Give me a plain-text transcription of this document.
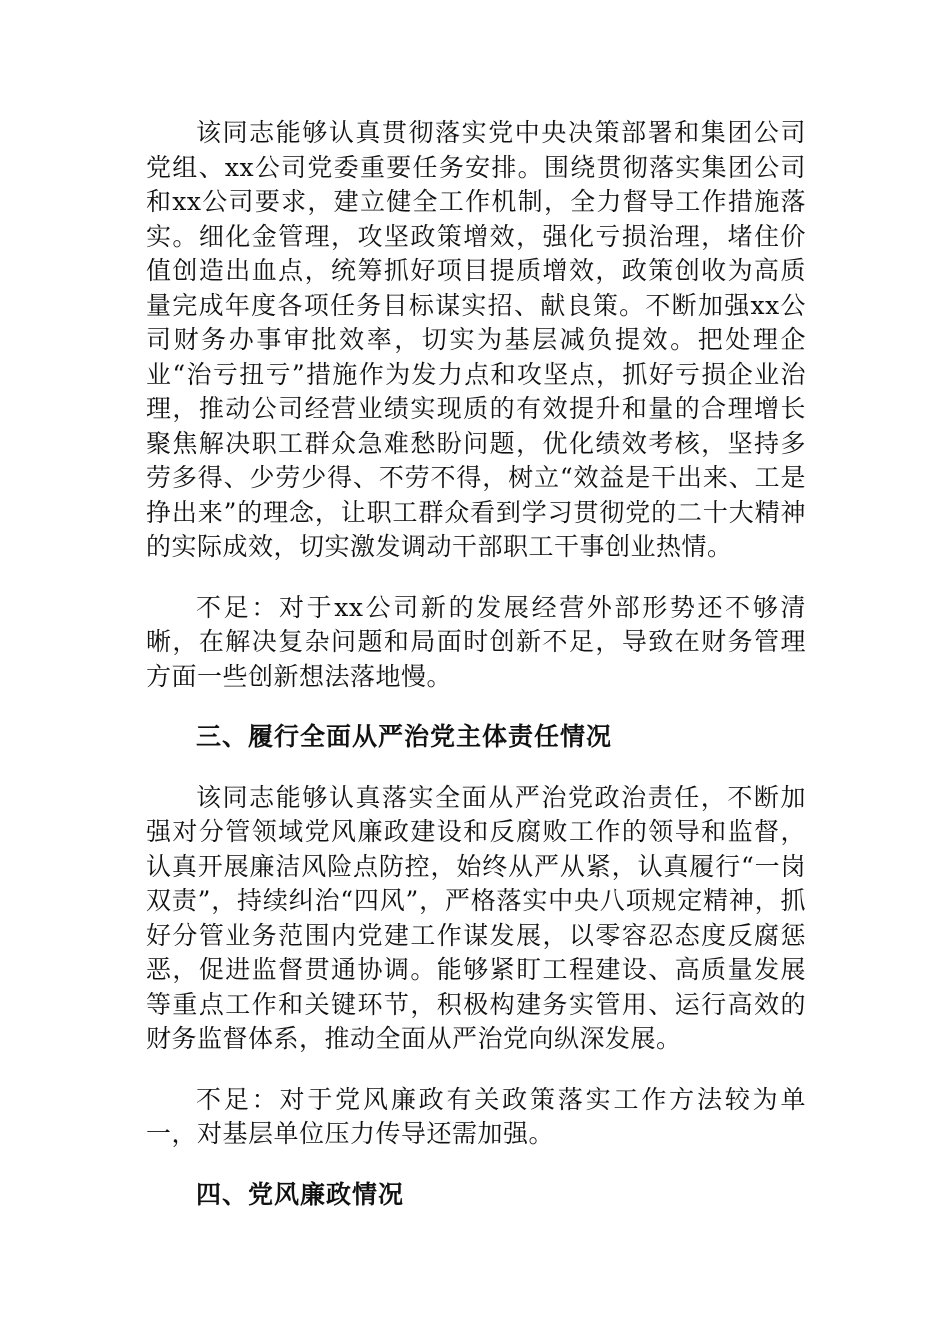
该同志能够认真贯彻落实党中央决策部署和集团公司党组、xx公司党委重要任务安排。围绕贯彻落实集团公司和xx公司要求，建立健全工作机制，全力督导工作措施落实。细化金管理，攻坚政策增效，强化亏损治理，堵住价值创造出血点，统筹抓好项目提质增效，政策创收为高质量完成年度各项任务目标谋实招、献良策。不断加强xx公司财务办事审批效率，切实为基层减负提效。把处理企业“治亏扭亏”措施作为发力点和攻坚点，抓好亏损企业治理，推动公司经营业绩实现质的有效提升和量的合理增长聚焦解决职工群众急难愁盼问题，优化绩效考核，坚持多劳多得、少劳少得、不劳不得，树立“效益是干出来、工是挣出来”的理念，让职工群众看到学习贯彻党的二十大精神的实际成效，切实激发调动干部职工干事创业热情。

不足：对于xx公司新的发展经营外部形势还不够清晰，在解决复杂问题和局面时创新不足，导致在财务管理方面一些创新想法落地慢。

三、履行全面从严治党主体责任情况

该同志能够认真落实全面从严治党政治责任，不断加强对分管领域党风廉政建设和反腐败工作的领导和监督，认真开展廉洁风险点防控，始终从严从紧，认真履行“一岗双责”，持续纠治“四风”，严格落实中央八项规定精神，抓好分管业务范围内党建工作谋发展，以零容忍态度反腐惩恶，促进监督贯通协调。能够紧盯工程建设、高质量发展等重点工作和关键环节，积极构建务实管用、运行高效的财务监督体系，推动全面从严治党向纵深发展。

不足：对于党风廉政有关政策落实工作方法较为单一，对基层单位压力传导还需加强。

四、党风廉政情况
